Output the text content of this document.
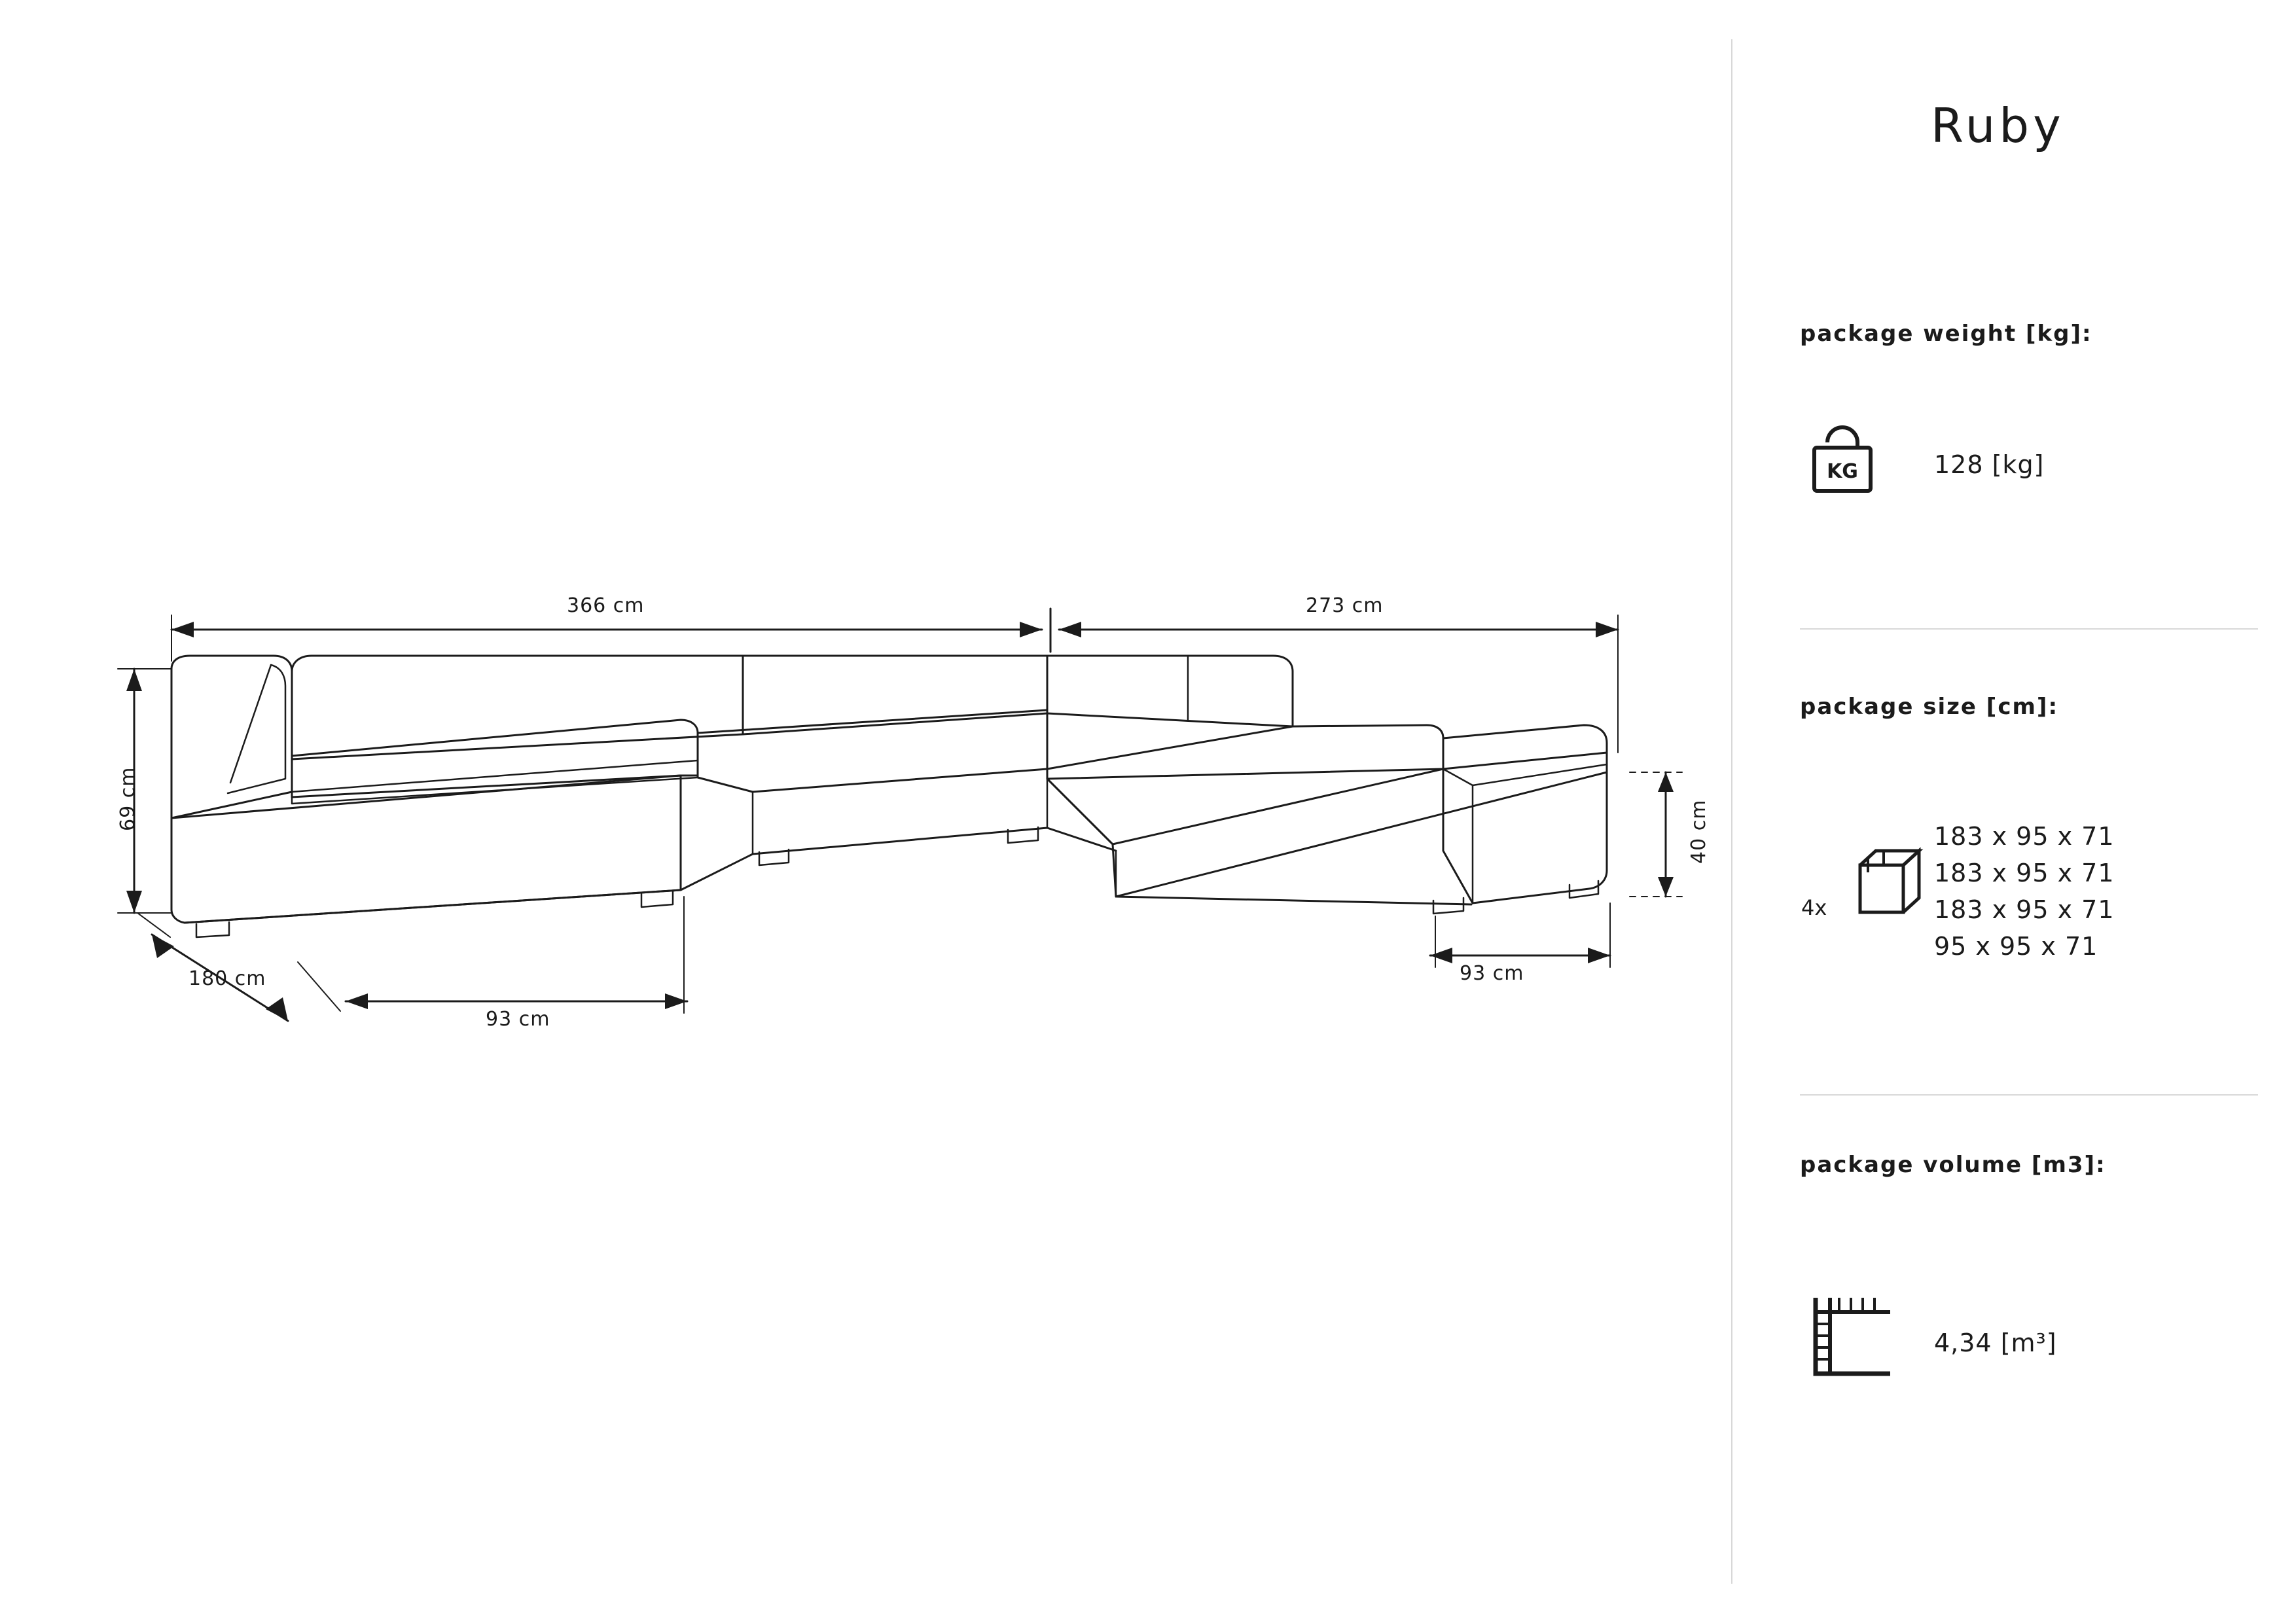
366 cm	273 cm
69 cm
40 cm
180 cm
93 cm
93 cm
Ruby
package weight [kg]:
KG	128 [kg]
package size [cm]:
4x
183 x 95 x 71
183 x 95 x 71
183 x 95 x 71
95 x 95 x 71
package volume [m3]:
4,34 [m³]
